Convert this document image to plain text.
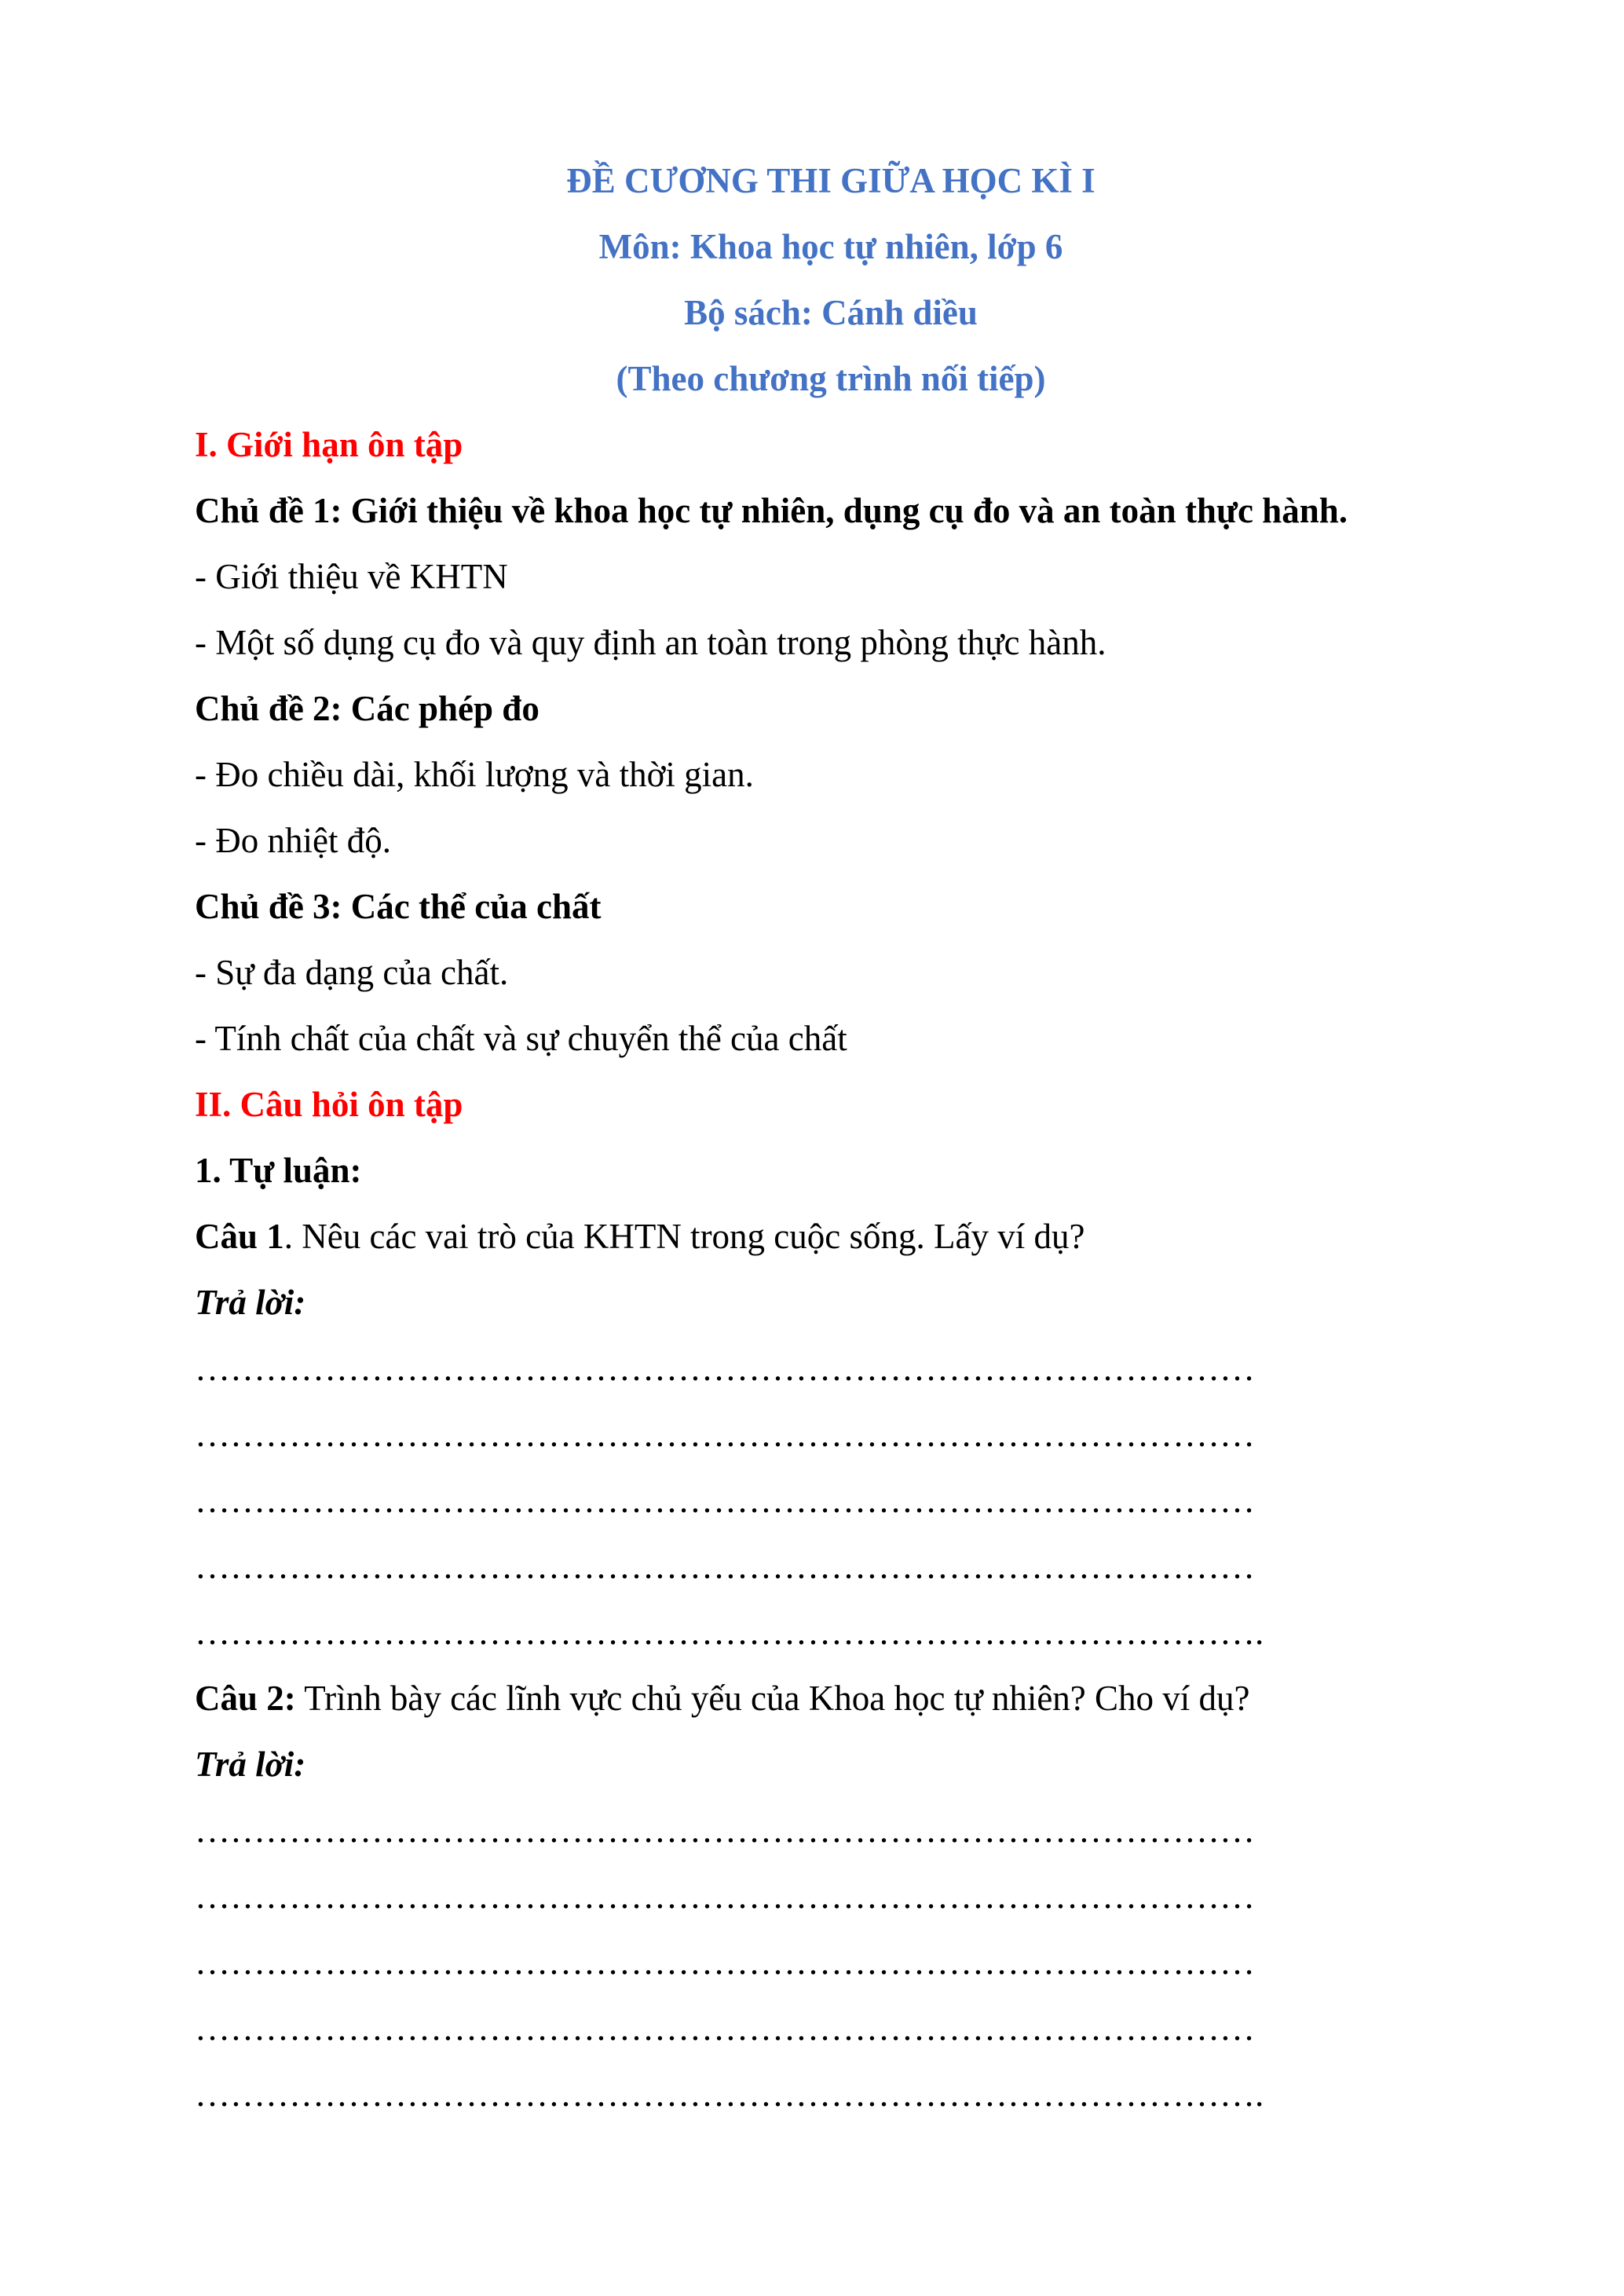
ĐỀ CƯƠNG THI GIỮA HỌC KÌ I
Môn: Khoa học tự nhiên, lớp 6
Bộ sách: Cánh diều
(Theo chương trình nối tiếp)
I. Giới hạn ôn tập
Chủ đề 1: Giới thiệu về khoa học tự nhiên, dụng cụ đo và an toàn thực hành.
- Giới thiệu về KHTN
- Một số dụng cụ đo và quy định an toàn trong phòng thực hành.
Chủ đề 2: Các phép đo
- Đo chiều dài, khối lượng và thời gian.
- Đo nhiệt độ.
Chủ đề 3: Các thể của chất
- Sự đa dạng của chất.
- Tính chất của chất và sự chuyển thể của chất
II. Câu hỏi ôn tập
1. Tự luận:
Câu 1. Nêu các vai trò của KHTN trong cuộc sống. Lấy ví dụ?
Trả lời:
………………………………………………………………………………
………………………………………………………………………………
………………………………………………………………………………
………………………………………………………………………………
……………………………………………………………………………….
Câu 2: Trình bày các lĩnh vực chủ yếu của Khoa học tự nhiên? Cho ví dụ?
Trả lời:
………………………………………………………………………………
………………………………………………………………………………
………………………………………………………………………………
………………………………………………………………………………
……………………………………………………………………………….
